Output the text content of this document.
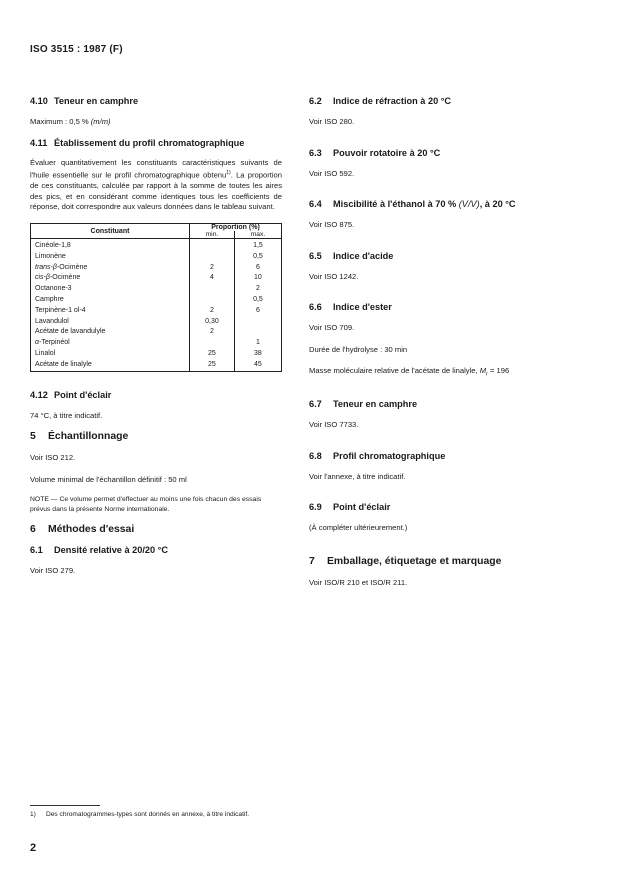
ISO 3515 : 1987 (F)
4.10 Teneur en camphre
Maximum : 0,5 % (m/m)
4.11 Établissement du profil chromatographique
Évaluer quantitativement les constituants caractéristiques suivants de l'huile essentielle sur le profil chromatographique obtenu$^{1)}$. La proportion de ces constituants, calculée par rapport à la somme de toutes les aires des pics, et en considérant comme identiques tous les coefficients de réponse, doit correspondre aux valeurs données dans le tableau suivant.
Constituant	Proportion (%)	
	min.	max.
Cinéole-1,8		1,5
Limonène		0,5
trans-β-Ocimène	2	6
cis-β-Ocimène	4	10
Octanone-3		2
Camphre		0,5
Terpinène-1 ol-4	2	6
Lavandulol	0,30	
Acétate de lavandulyle	2	
α-Terpinéol		1
Linalol	25	38
Acétate de linalyle	25	45
4.12 Point d'éclair
74 °C, à titre indicatif.
5 Échantillonnage
Voir ISO 212.
Volume minimal de l'échantillon définitif : 50 ml
NOTE — Ce volume permet d'effectuer au moins une fois chacun des essais prévus dans la présente Norme internationale.
6 Méthodes d'essai
6.1 Densité relative à 20/20 °C
Voir ISO 279.
6.2 Indice de réfraction à 20 °C
Voir ISO 280.
6.3 Pouvoir rotatoire à 20 °C
Voir ISO 592.
6.4 Miscibilité à l'éthanol à 70 % (V/V), à 20 °C
Voir ISO 875.
6.5 Indice d'acide
Voir ISO 1242.
6.6 Indice d'ester
Voir ISO 709.
Durée de l'hydrolyse : 30 min
Masse moléculaire relative de l'acétate de linalyle, $M_r = 196$
6.7 Teneur en camphre
Voir ISO 7733.
6.8 Profil chromatographique
Voir l'annexe, à titre indicatif.
6.9 Point d'éclair
(À compléter ultérieurement.)
7 Emballage, étiquetage et marquage
Voir ISO/R 210 et ISO/R 211.
1) Des chromatogrammes-types sont donnés en annexe, à titre indicatif.
2
